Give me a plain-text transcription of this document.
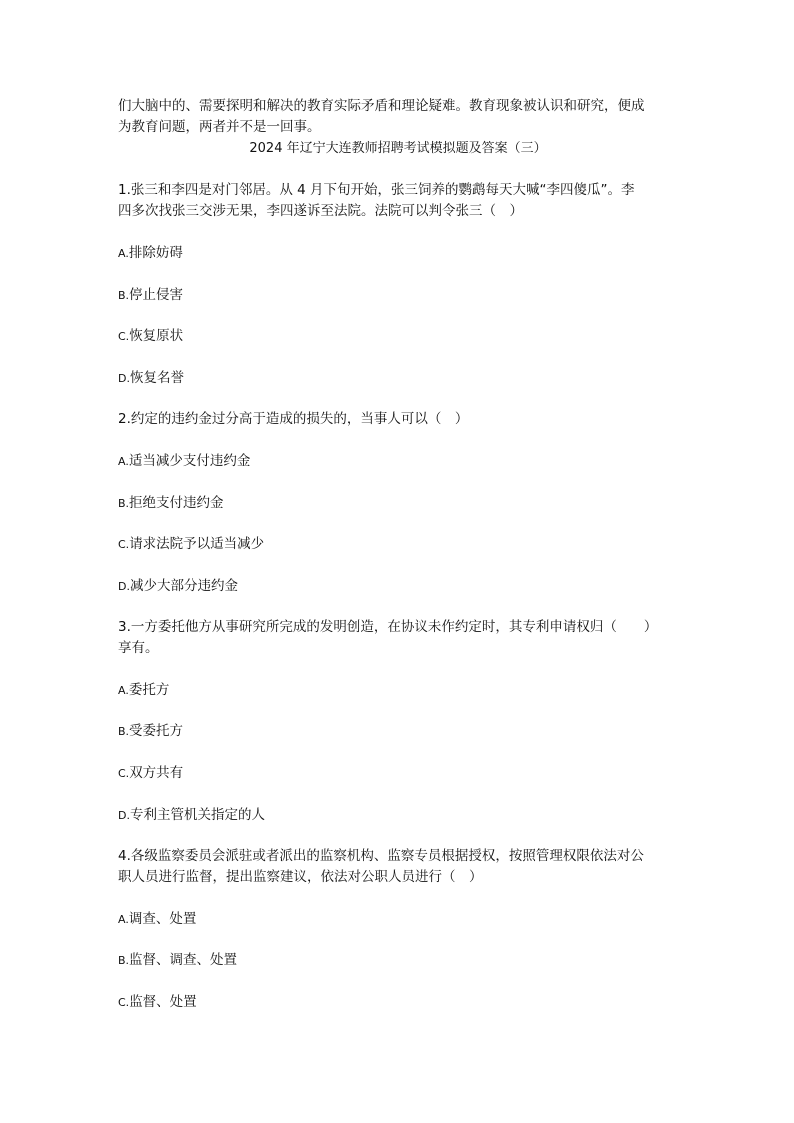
们大脑中的、需要探明和解决的教育实际矛盾和理论疑难。教育现象被认识和研究，便成
为教育问题，两者并不是一回事。

2024 年辽宁大连教师招聘考试模拟题及答案（三）

1.张三和李四是对门邻居。从 4 月下旬开始，张三饲养的鹦鹉每天大喊“李四傻瓜”。李
四多次找张三交涉无果，李四遂诉至法院。法院可以判令张三（　）

A.排除妨碍

B.停止侵害

C.恢复原状

D.恢复名誉

2.约定的违约金过分高于造成的损失的，当事人可以（　）

A.适当减少支付违约金

B.拒绝支付违约金

C.请求法院予以适当减少

D.减少大部分违约金

3.一方委托他方从事研究所完成的发明创造，在协议未作约定时，其专利申请权归（　　）
享有。

A.委托方

B.受委托方

C.双方共有

D.专利主管机关指定的人

4.各级监察委员会派驻或者派出的监察机构、监察专员根据授权，按照管理权限依法对公
职人员进行监督，提出监察建议，依法对公职人员进行（　）

A.调查、处置

B.监督、调查、处置

C.监督、处置
